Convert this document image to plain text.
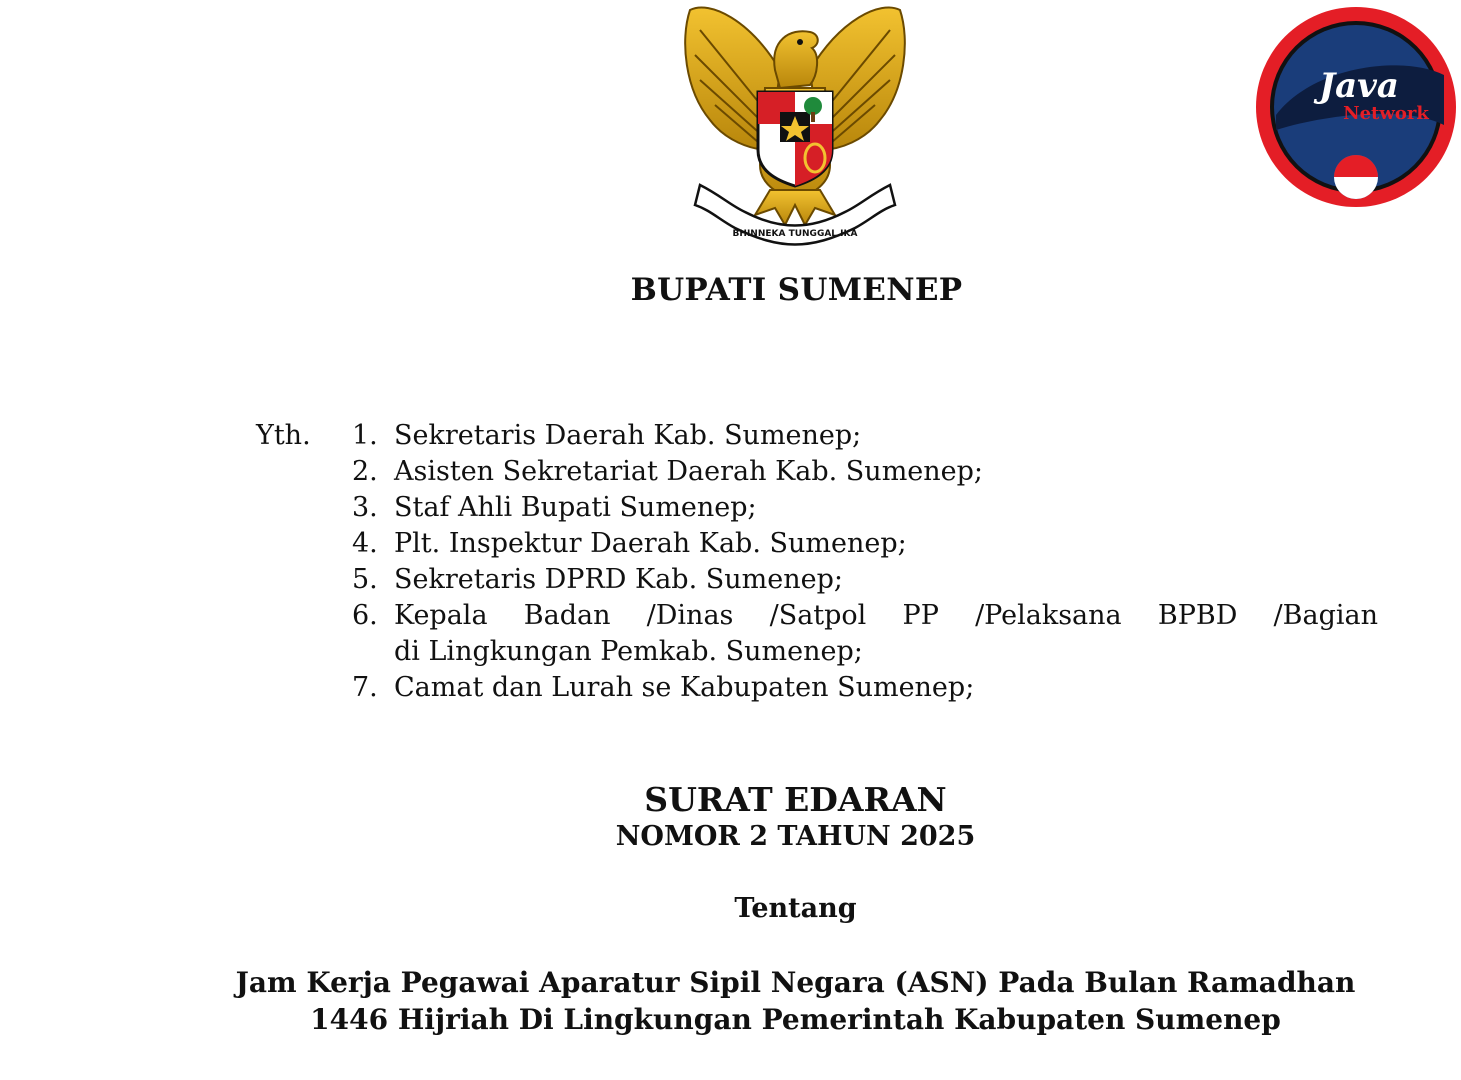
BHINNEKA TUNGGAL IKA
Java
Network
BUPATI SUMENEP
Yth. 1. Sekretaris Daerah Kab. Sumenep;
2. Asisten Sekretariat Daerah Kab. Sumenep;
3. Staf Ahli Bupati Sumenep;
4. Plt. Inspektur Daerah Kab. Sumenep;
5. Sekretaris DPRD Kab. Sumenep;
6. Kepala Badan /Dinas /Satpol PP /Pelaksana BPBD /Bagian
di Lingkungan Pemkab. Sumenep;
7. Camat dan Lurah se Kabupaten Sumenep;
SURAT EDARAN
NOMOR 2 TAHUN 2025
Tentang
Jam Kerja Pegawai Aparatur Sipil Negara (ASN) Pada Bulan Ramadhan
1446 Hijriah Di Lingkungan Pemerintah Kabupaten Sumenep
